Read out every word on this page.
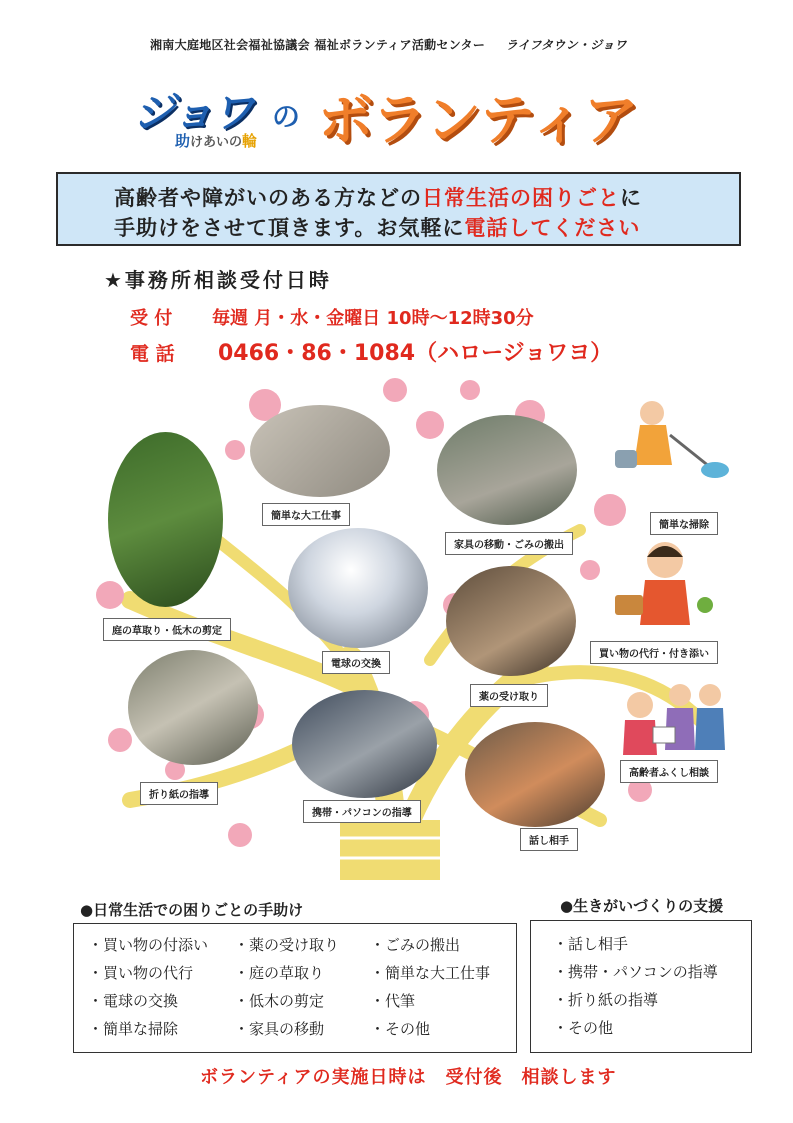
湘南大庭地区社会福祉協議会 福祉ボランティア活動センター ライフタウン・ジョワ
ジョワ
助けあいの輪
の ボランティア
高齢者や障がいのある方などの日常生活の困りごとに
手助けをさせて頂きます。お気軽に電話してください
★事務所相談受付日時
受 付 毎週 月・水・金曜日 10時～12時30分
電 話 0466・86・1084（ハロージョワヨ）
簡単な大工仕事
家具の移動・ごみの搬出
簡単な掃除
庭の草取り・低木の剪定
電球の交換
買い物の代行・付き添い
薬の受け取り
折り紙の指導
携帯・パソコンの指導
高齢者ふくし相談
話し相手
●日常生活での困りごとの手助け
・買い物の付添い ・薬の受け取り ・ごみの搬出
・買い物の代行	・庭の草取り	・簡単な大工仕事
・電球の交換	・低木の剪定	・代筆
・簡単な掃除	・家具の移動	・その他
●生きがいづくりの支援
・話し相手
・携帯・パソコンの指導
・折り紙の指導
・その他
ボランティアの実施日時は　受付後　相談します
